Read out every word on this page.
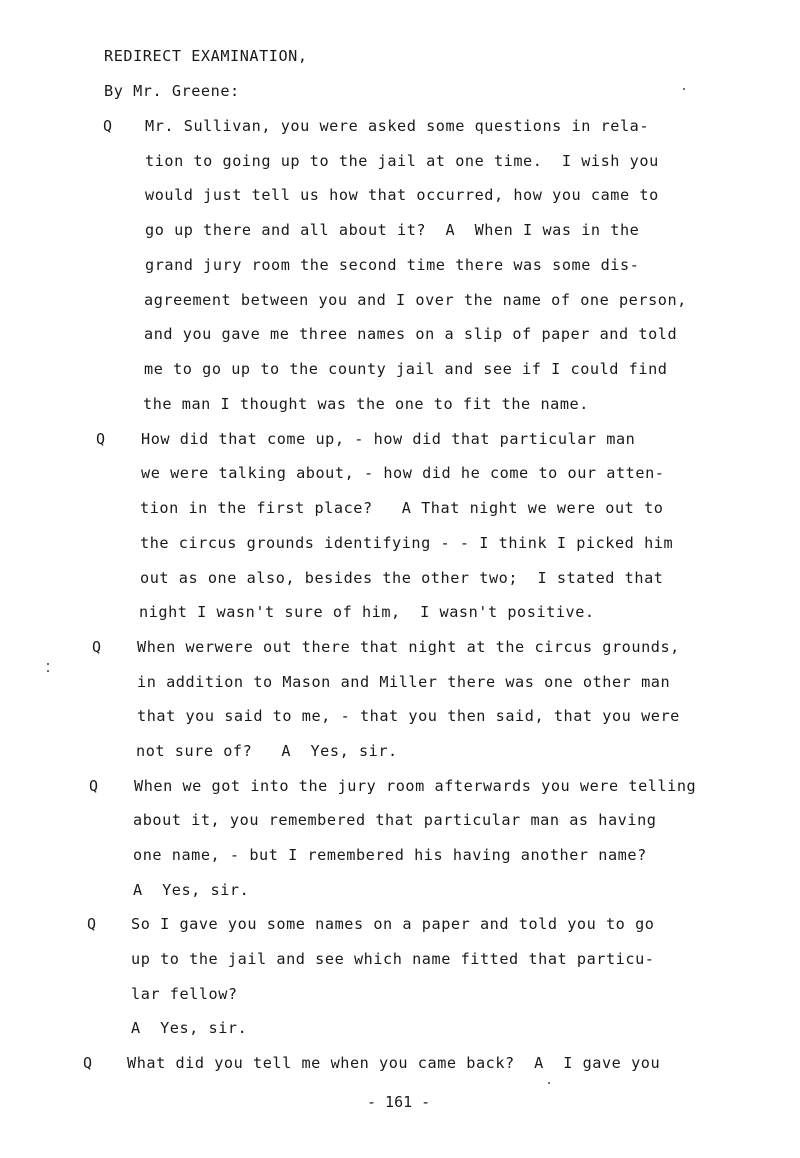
REDIRECT EXAMINATION,
By Mr. Greene:
Q Mr. Sullivan, you were asked some questions in rela-
tion to going up to the jail at one time.  I wish you
would just tell us how that occurred, how you came to
go up there and all about it?  A  When I was in the
grand jury room the second time there was some dis-
agreement between you and I over the name of one person,
and you gave me three names on a slip of paper and told
me to go up to the county jail and see if I could find
the man I thought was the one to fit the name.
Q How did that come up, - how did that particular man
we were talking about, - how did he come to our atten-
tion in the first place?   A That night we were out to
the circus grounds identifying - - I think I picked him
out as one also, besides the other two;  I stated that
night I wasn't sure of him,  I wasn't positive.
Q When werwere out there that night at the circus grounds,
in addition to Mason and Miller there was one other man
that you said to me, - that you then said, that you were
not sure of?   A  Yes, sir.
Q When we got into the jury room afterwards you were telling
about it, you remembered that particular man as having
one name, - but I remembered his having another name?
A  Yes, sir.
Q So I gave you some names on a paper and told you to go
up to the jail and see which name fitted that particu-
lar fellow?
A  Yes, sir.
Q What did you tell me when you came back?  A  I gave you
- 161 -
